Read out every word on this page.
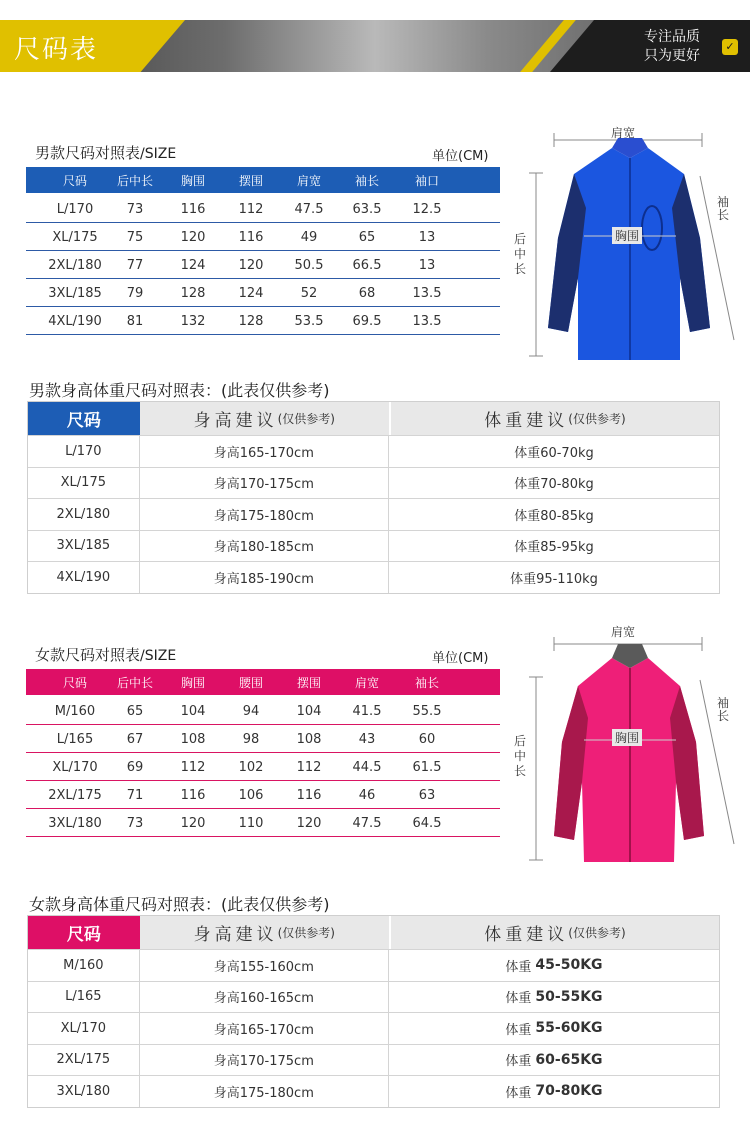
尺码表	专注品质
只为更好
✓
男款尺码对照表/SIZE	单位(CM)
尺码	后中长	胸围	摆围	肩宽	袖长	袖口
L/170	73	116	112	47.5	63.5	12.5
XL/175	75	120	116	49	65	13
2XL/180	77	124	120	50.5	66.5	13
3XL/185	79	128	124	52	68	13.5
4XL/190	81	132	128	53.5	69.5	13.5
肩宽
袖长
后中长
胸围
男款身高体重尺码对照表：(此表仅供参考)
尺码	身高建议 (仅供参考)	体重建议 (仅供参考)
L/170	身高165-170cm	体重60-70kg
XL/175	身高170-175cm	体重70-80kg
2XL/180	身高175-180cm	体重80-85kg
3XL/185	身高180-185cm	体重85-95kg
4XL/190	身高185-190cm	体重95-110kg
女款尺码对照表/SIZE	单位(CM)
尺码	后中长	胸围	腰围	摆围	肩宽	袖长
M/160	65	104	94	104	41.5	55.5
L/165	67	108	98	108	43	60
XL/170	69	112	102	112	44.5	61.5
2XL/175	71	116	106	116	46	63
3XL/180	73	120	110	120	47.5	64.5
肩宽
袖长
后中长
胸围
女款身高体重尺码对照表：(此表仅供参考)
尺码	身高建议 (仅供参考)	体重建议 (仅供参考)
M/160	身高155-160cm	体重 45-50KG
L/165	身高160-165cm	体重 50-55KG
XL/170	身高165-170cm	体重 55-60KG
2XL/175	身高170-175cm	体重 60-65KG
3XL/180	身高175-180cm	体重 70-80KG
